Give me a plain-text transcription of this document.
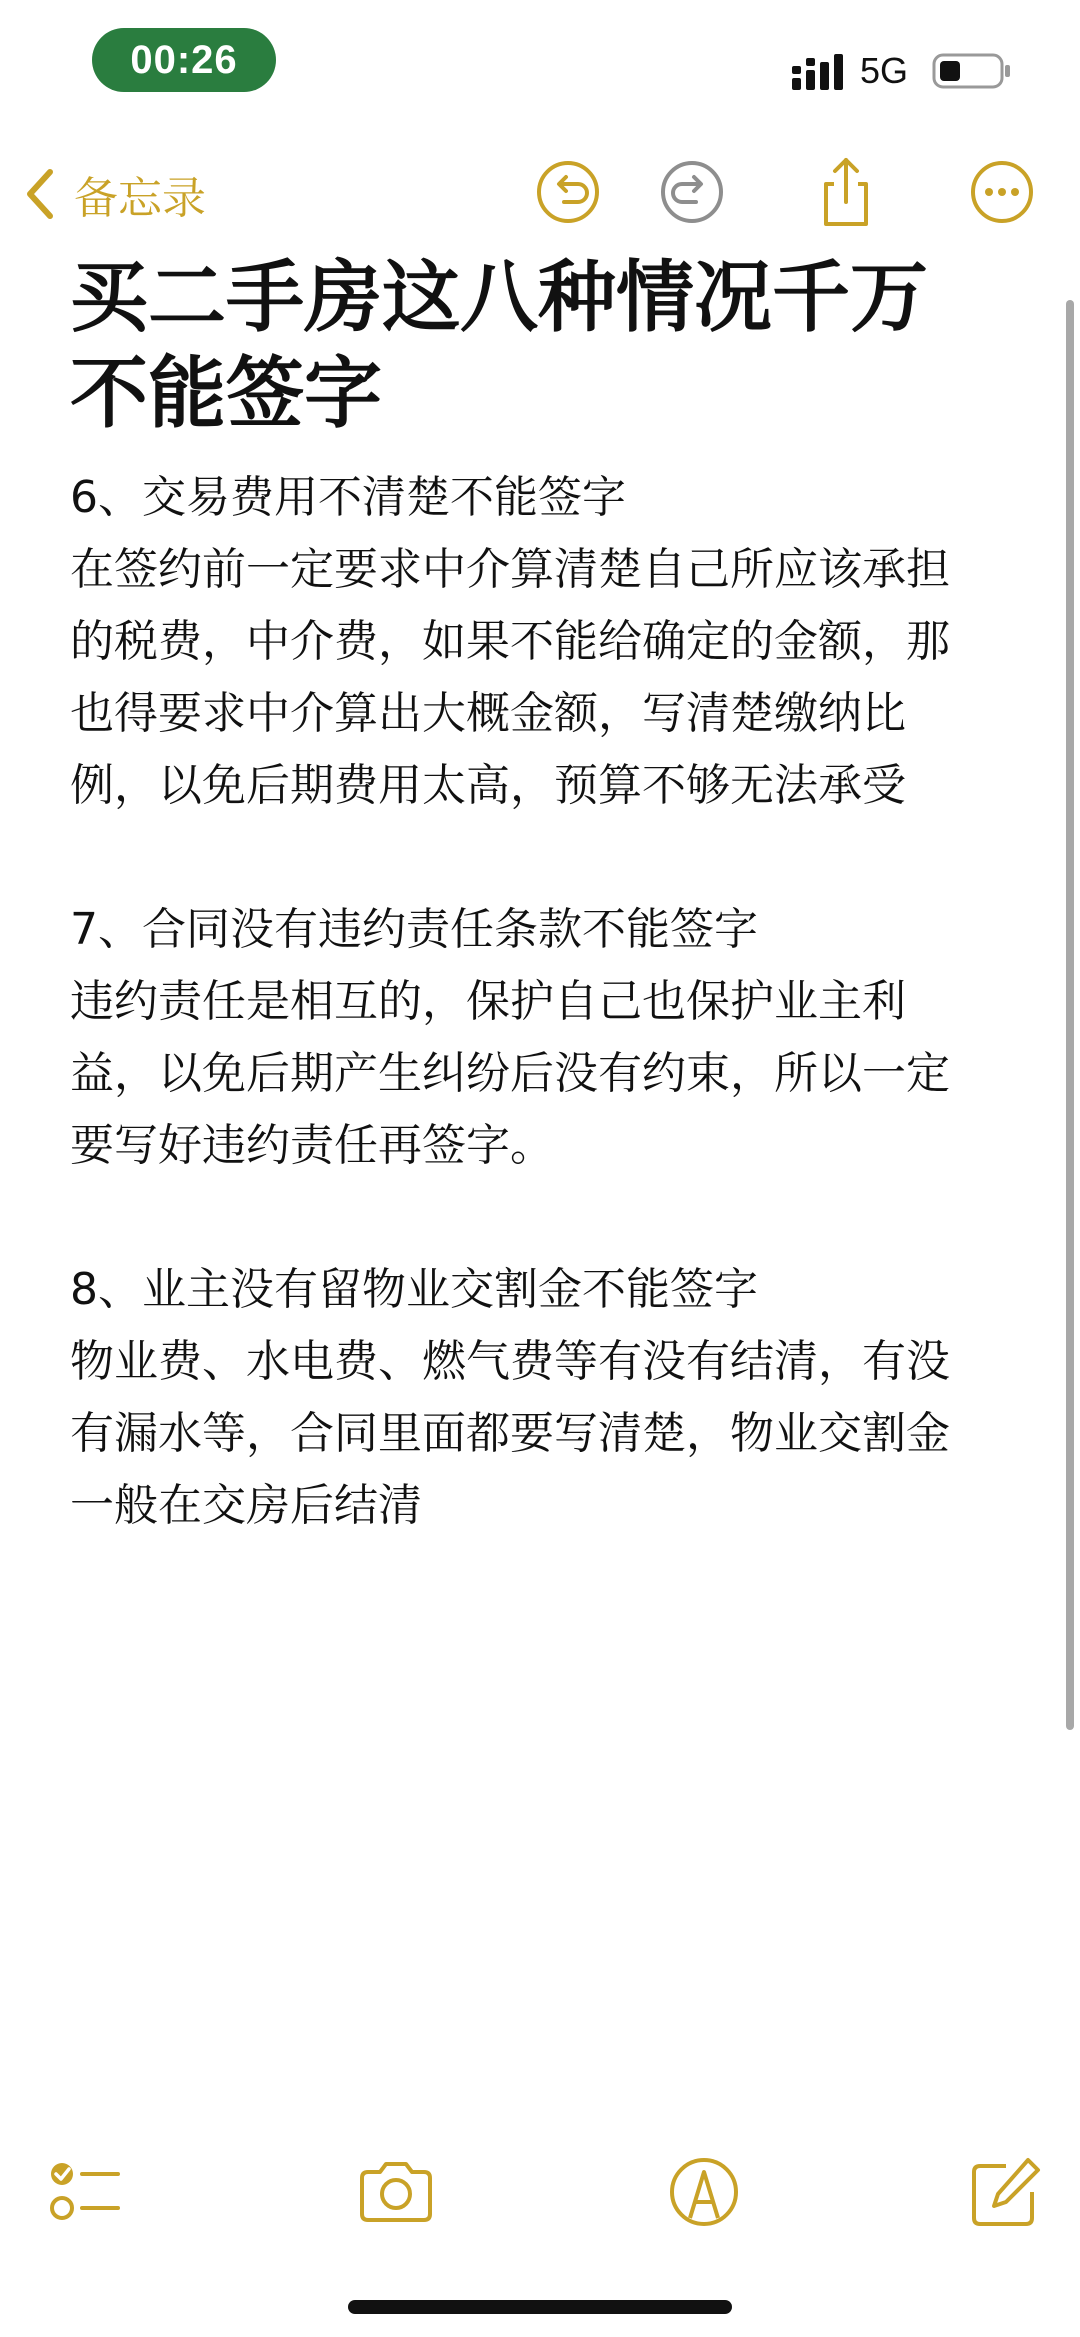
00:26	5G
备忘录
买二手房这八种情况千万不能签字

6、交易费用不清楚不能签字

在签约前一定要求中介算清楚自己所应该承担的税费，中介费，如果不能给确定的金额，那也得要求中介算出大概金额，写清楚缴纳比例，以免后期费用太高，预算不够无法承受

7、合同没有违约责任条款不能签字

违约责任是相互的，保护自己也保护业主利益，以免后期产生纠纷后没有约束，所以一定要写好违约责任再签字。

8、业主没有留物业交割金不能签字

物业费、水电费、燃气费等有没有结清，有没有漏水等，合同里面都要写清楚，物业交割金一般在交房后结清
